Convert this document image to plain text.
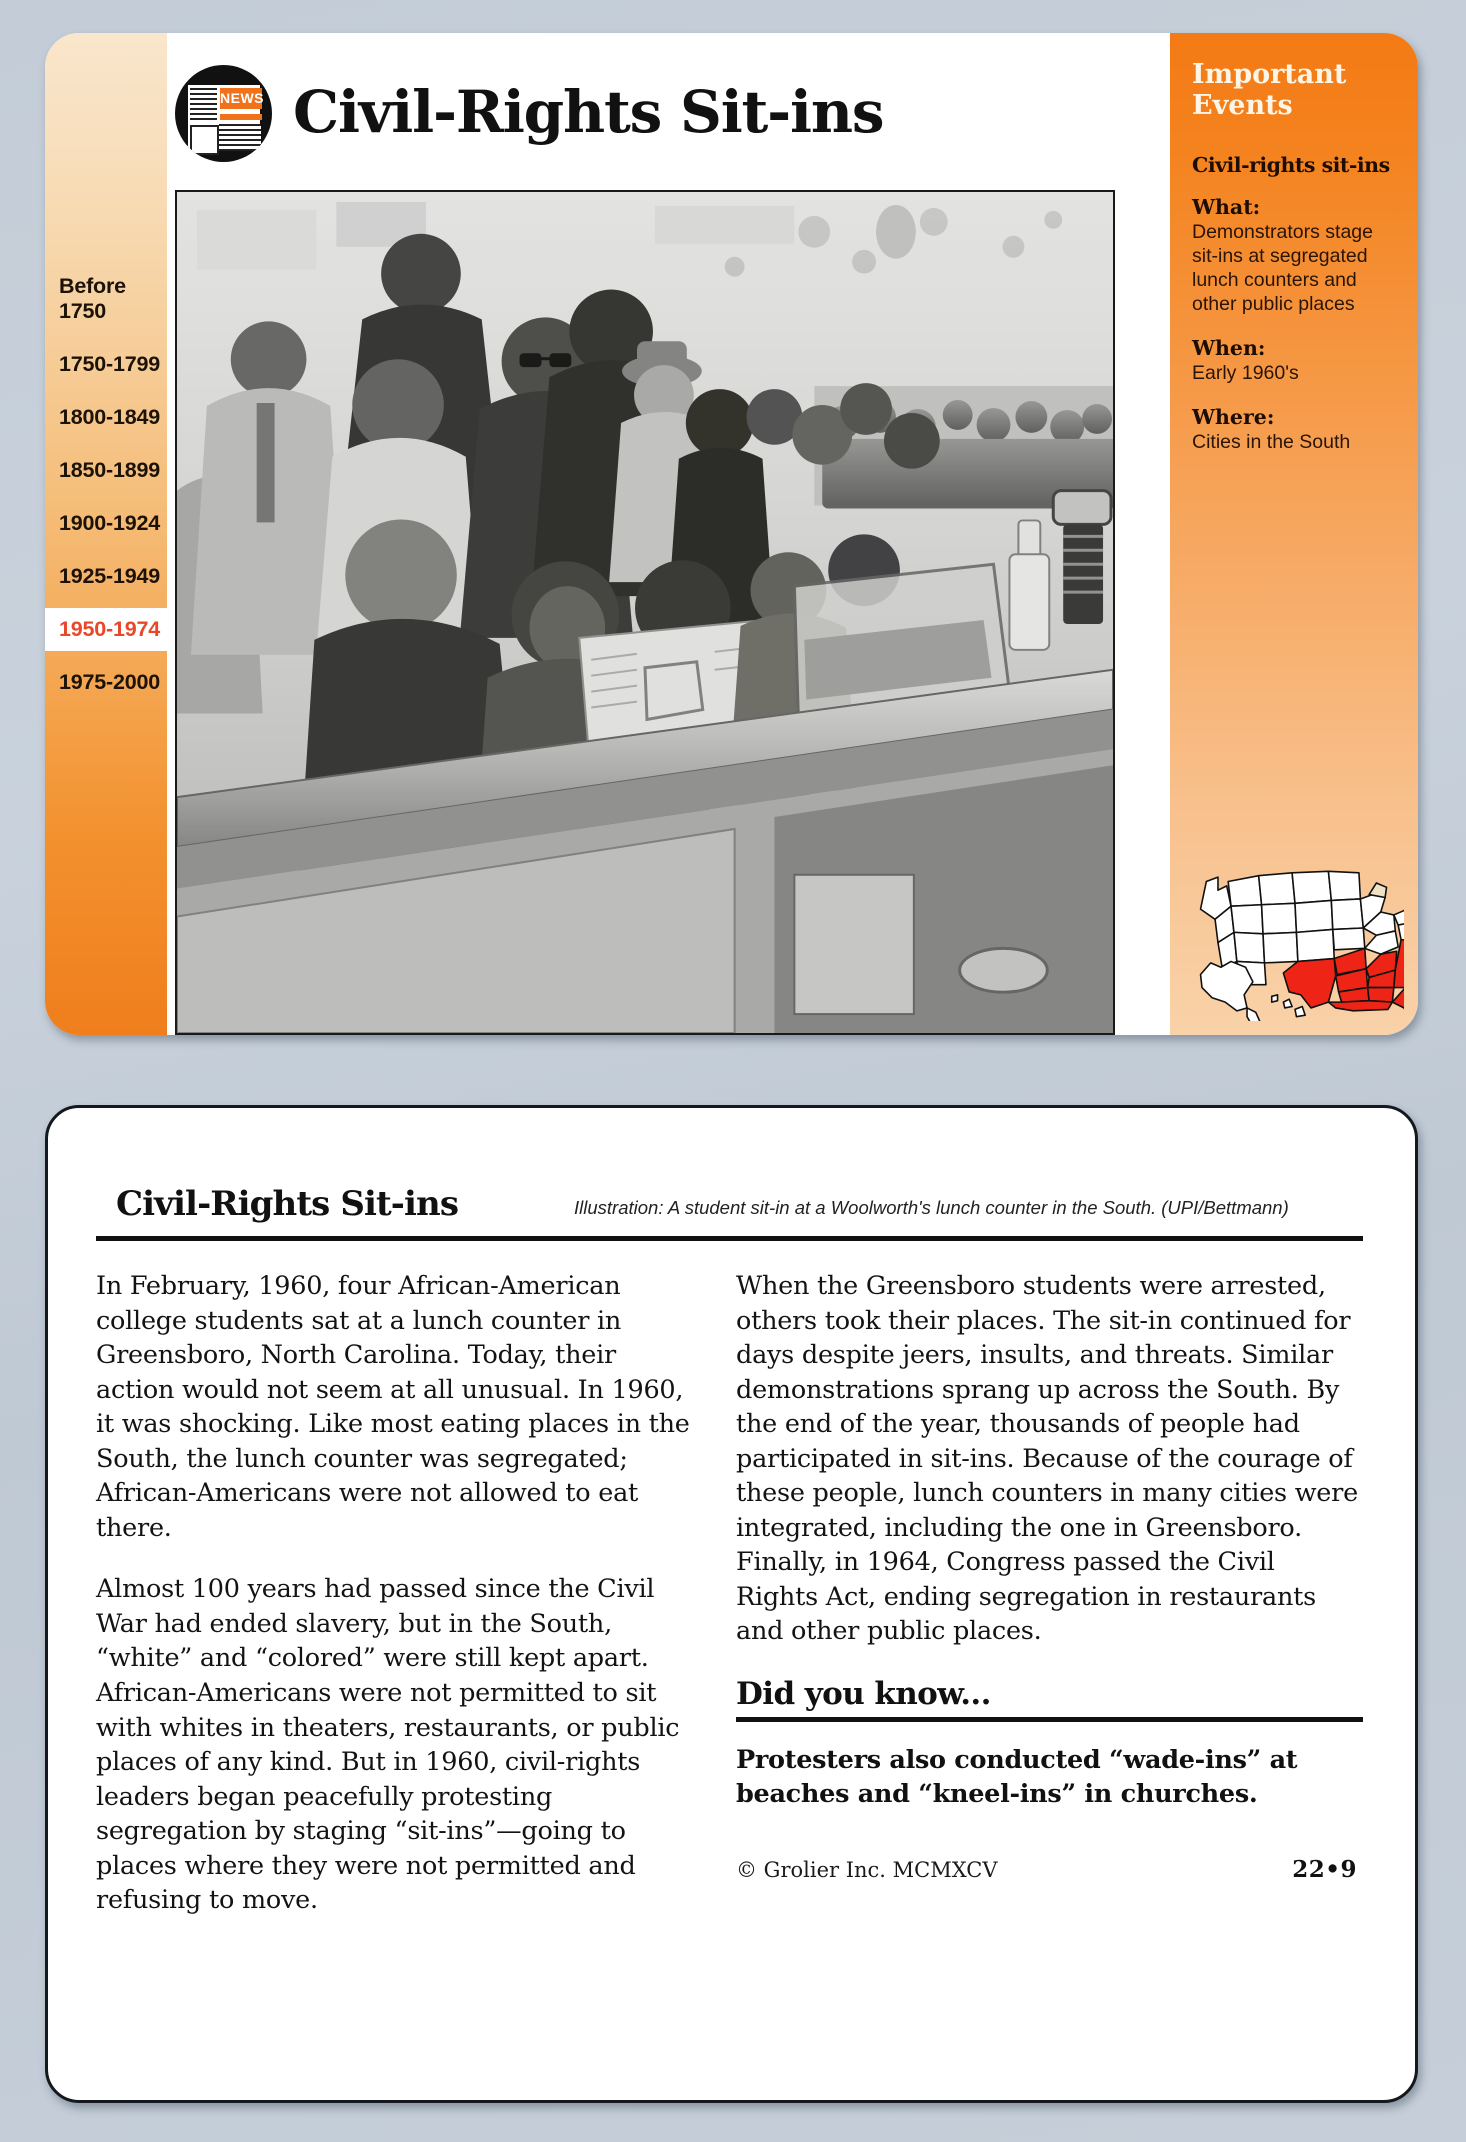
Before 1750
1750-1799
1800-1849
1850-1899
1900-1924
1925-1949
1950-1974
1975-2000
NEWS Civil-Rights Sit-ins
Important Events
Civil-rights sit-ins
What:
Demonstrators stage sit-ins at segregated lunch counters and other public places
When:
Early 1960's
Where:
Cities in the South
Civil-Rights Sit-ins	Illustration: A student sit-in at a Woolworth's lunch counter in the South. (UPI/Bettmann)

In February, 1960, four African-American college students sat at a lunch counter in Greensboro, North Carolina. Today, their action would not seem at all unusual. In 1960, it was shocking. Like most eating places in the South, the lunch counter was segregated; African-Americans were not allowed to eat there.

Almost 100 years had passed since the Civil War had ended slavery, but in the South, “white” and “colored” were still kept apart. African-Americans were not permitted to sit with whites in theaters, restaurants, or public places of any kind. But in 1960, civil-rights leaders began peacefully protesting segregation by staging “sit-ins”—going to places where they were not permitted and refusing to move.

When the Greensboro students were arrested, others took their places. The sit-in continued for days despite jeers, insults, and threats. Similar demonstrations sprang up across the South. By the end of the year, thousands of people had participated in sit-ins. Because of the courage of these people, lunch counters in many cities were integrated, including the one in Greensboro. Finally, in 1964, Congress passed the Civil Rights Act, ending segregation in restaurants and other public places.

Did you know...

Protesters also conducted “wade-ins” at beaches and “kneel-ins” in churches.

© Grolier Inc. MCMXCV	22•9
